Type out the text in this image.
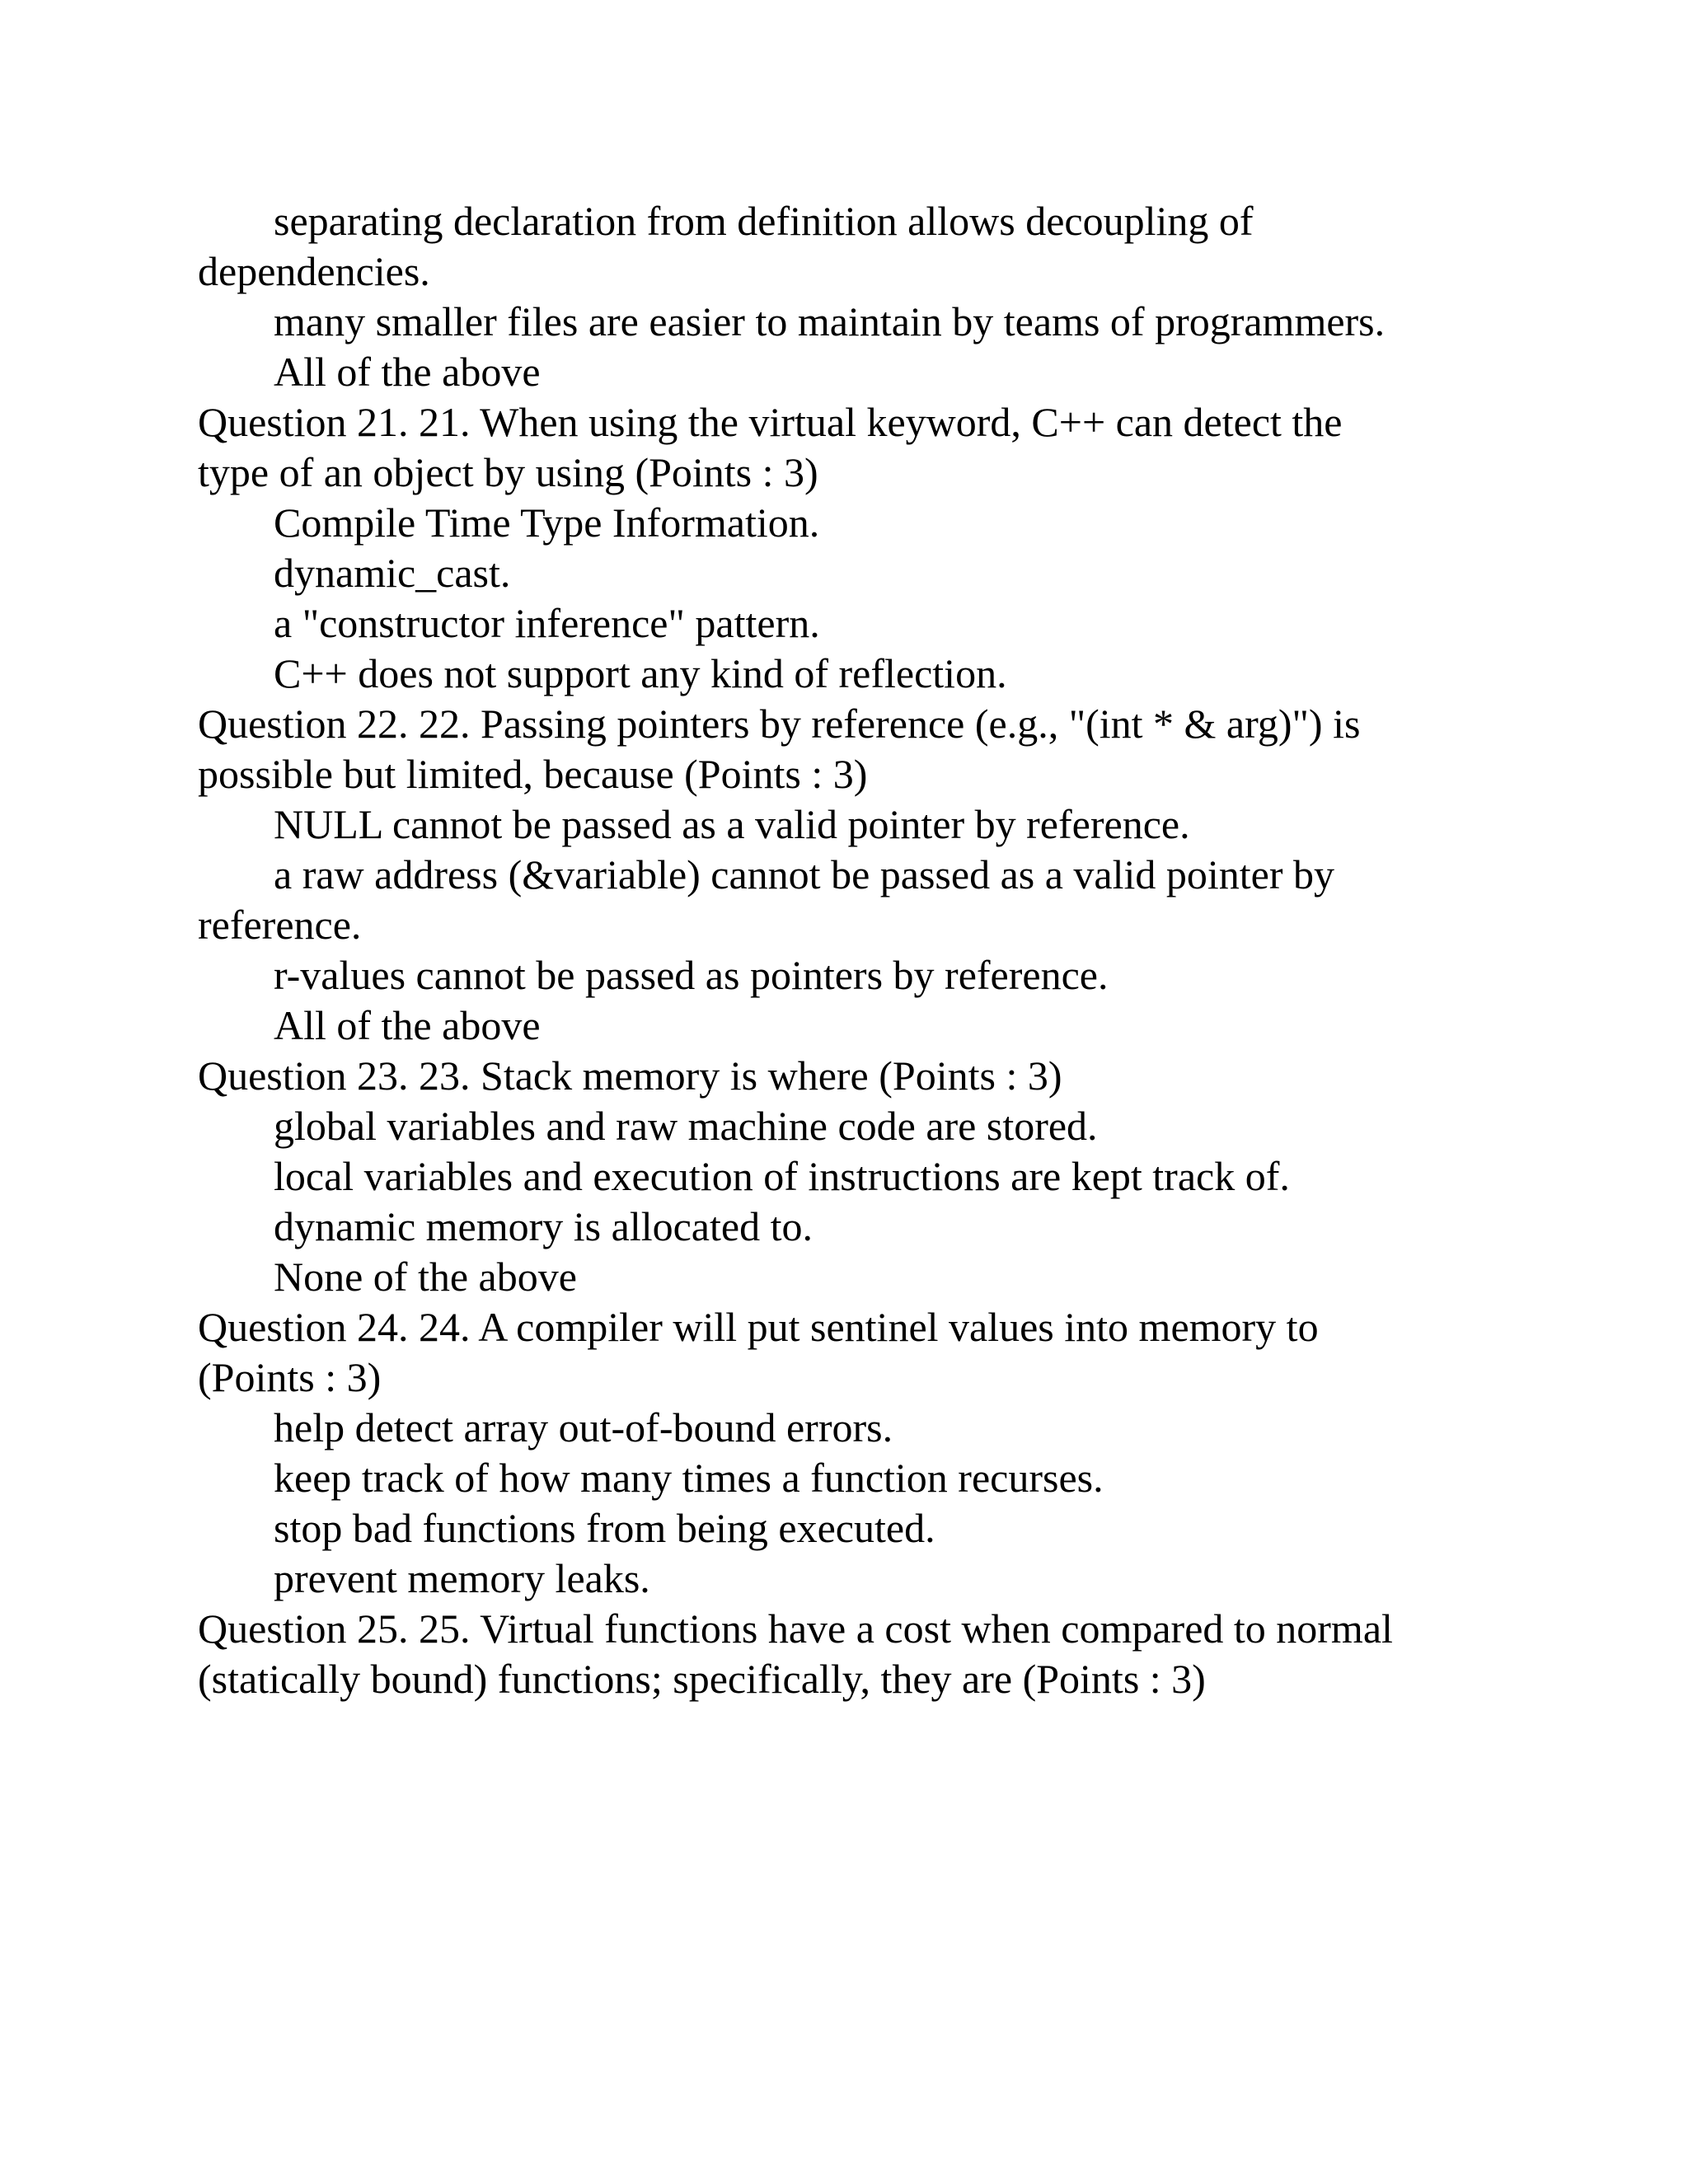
separating declaration from definition allows decoupling of
dependencies.
many smaller files are easier to maintain by teams of programmers.
All of the above
Question 21. 21. When using the virtual keyword, C++ can detect the
type of an object by using (Points : 3)
Compile Time Type Information.
dynamic_cast.
a "constructor inference" pattern.
C++ does not support any kind of reflection.
Question 22. 22. Passing pointers by reference (e.g., "(int * & arg)") is
possible but limited, because (Points : 3)
NULL cannot be passed as a valid pointer by reference.
a raw address (&variable) cannot be passed as a valid pointer by
reference.
r-values cannot be passed as pointers by reference.
All of the above
Question 23. 23. Stack memory is where (Points : 3)
global variables and raw machine code are stored.
local variables and execution of instructions are kept track of.
dynamic memory is allocated to.
None of the above
Question 24. 24. A compiler will put sentinel values into memory to
(Points : 3)
help detect array out-of-bound errors.
keep track of how many times a function recurses.
stop bad functions from being executed.
prevent memory leaks.
Question 25. 25. Virtual functions have a cost when compared to normal
(statically bound) functions; specifically, they are (Points : 3)
